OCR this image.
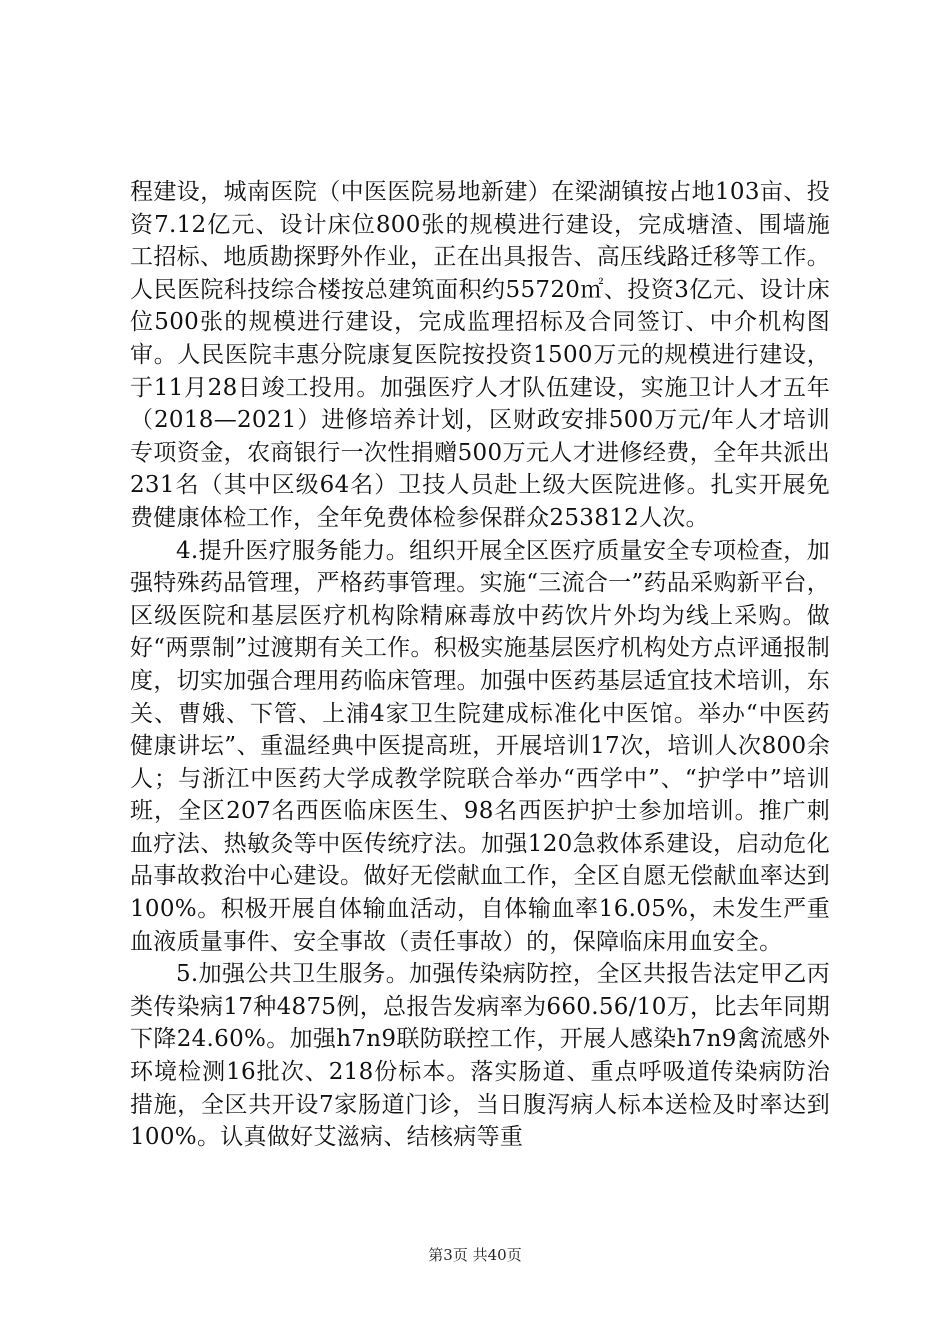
程建设，城南医院（中医医院易地新建）在梁湖镇按占地103亩、投资7.12亿元、设计床位800张的规模进行建设，完成塘渣、围墙施工招标、地质勘探野外作业，正在出具报告、高压线路迁移等工作。人民医院科技综合楼按总建筑面积约55720㎡、投资3亿元、设计床位500张的规模进行建设，完成监理招标及合同签订、中介机构图审。人民医院丰惠分院康复医院按投资1500万元的规模进行建设，于11月28日竣工投用。加强医疗人才队伍建设，实施卫计人才五年（2018—2021）进修培养计划，区财政安排500万元/年人才培训专项资金，农商银行一次性捐赠500万元人才进修经费，全年共派出231名（其中区级64名）卫技人员赴上级大医院进修。扎实开展免费健康体检工作，全年免费体检参保群众253812人次。

4.提升医疗服务能力。组织开展全区医疗质量安全专项检查，加强特殊药品管理，严格药事管理。实施“三流合一”药品采购新平台，区级医院和基层医疗机构除精麻毒放中药饮片外均为线上采购。做好“两票制”过渡期有关工作。积极实施基层医疗机构处方点评通报制度，切实加强合理用药临床管理。加强中医药基层适宜技术培训，东关、曹娥、下管、上浦4家卫生院建成标准化中医馆。举办“中医药健康讲坛”、重温经典中医提高班，开展培训17次，培训人次800余人；与浙江中医药大学成教学院联合举办“西学中”、“护学中”培训班，全区207名西医临床医生、98名西医护护士参加培训。推广刺血疗法、热敏灸等中医传统疗法。加强120急救体系建设，启动危化品事故救治中心建设。做好无偿献血工作，全区自愿无偿献血率达到100%。积极开展自体输血活动，自体输血率16.05%，未发生严重血液质量事件、安全事故（责任事故）的，保障临床用血安全。

5.加强公共卫生服务。加强传染病防控，全区共报告法定甲乙丙类传染病17种4875例，总报告发病率为660.56/10万，比去年同期下降24.60%。加强h7n9联防联控工作，开展人感染h7n9禽流感外环境检测16批次、218份标本。落实肠道、重点呼吸道传染病防治措施，全区共开设7家肠道门诊，当日腹泻病人标本送检及时率达到100%。认真做好艾滋病、结核病等重

第3页 共40页
